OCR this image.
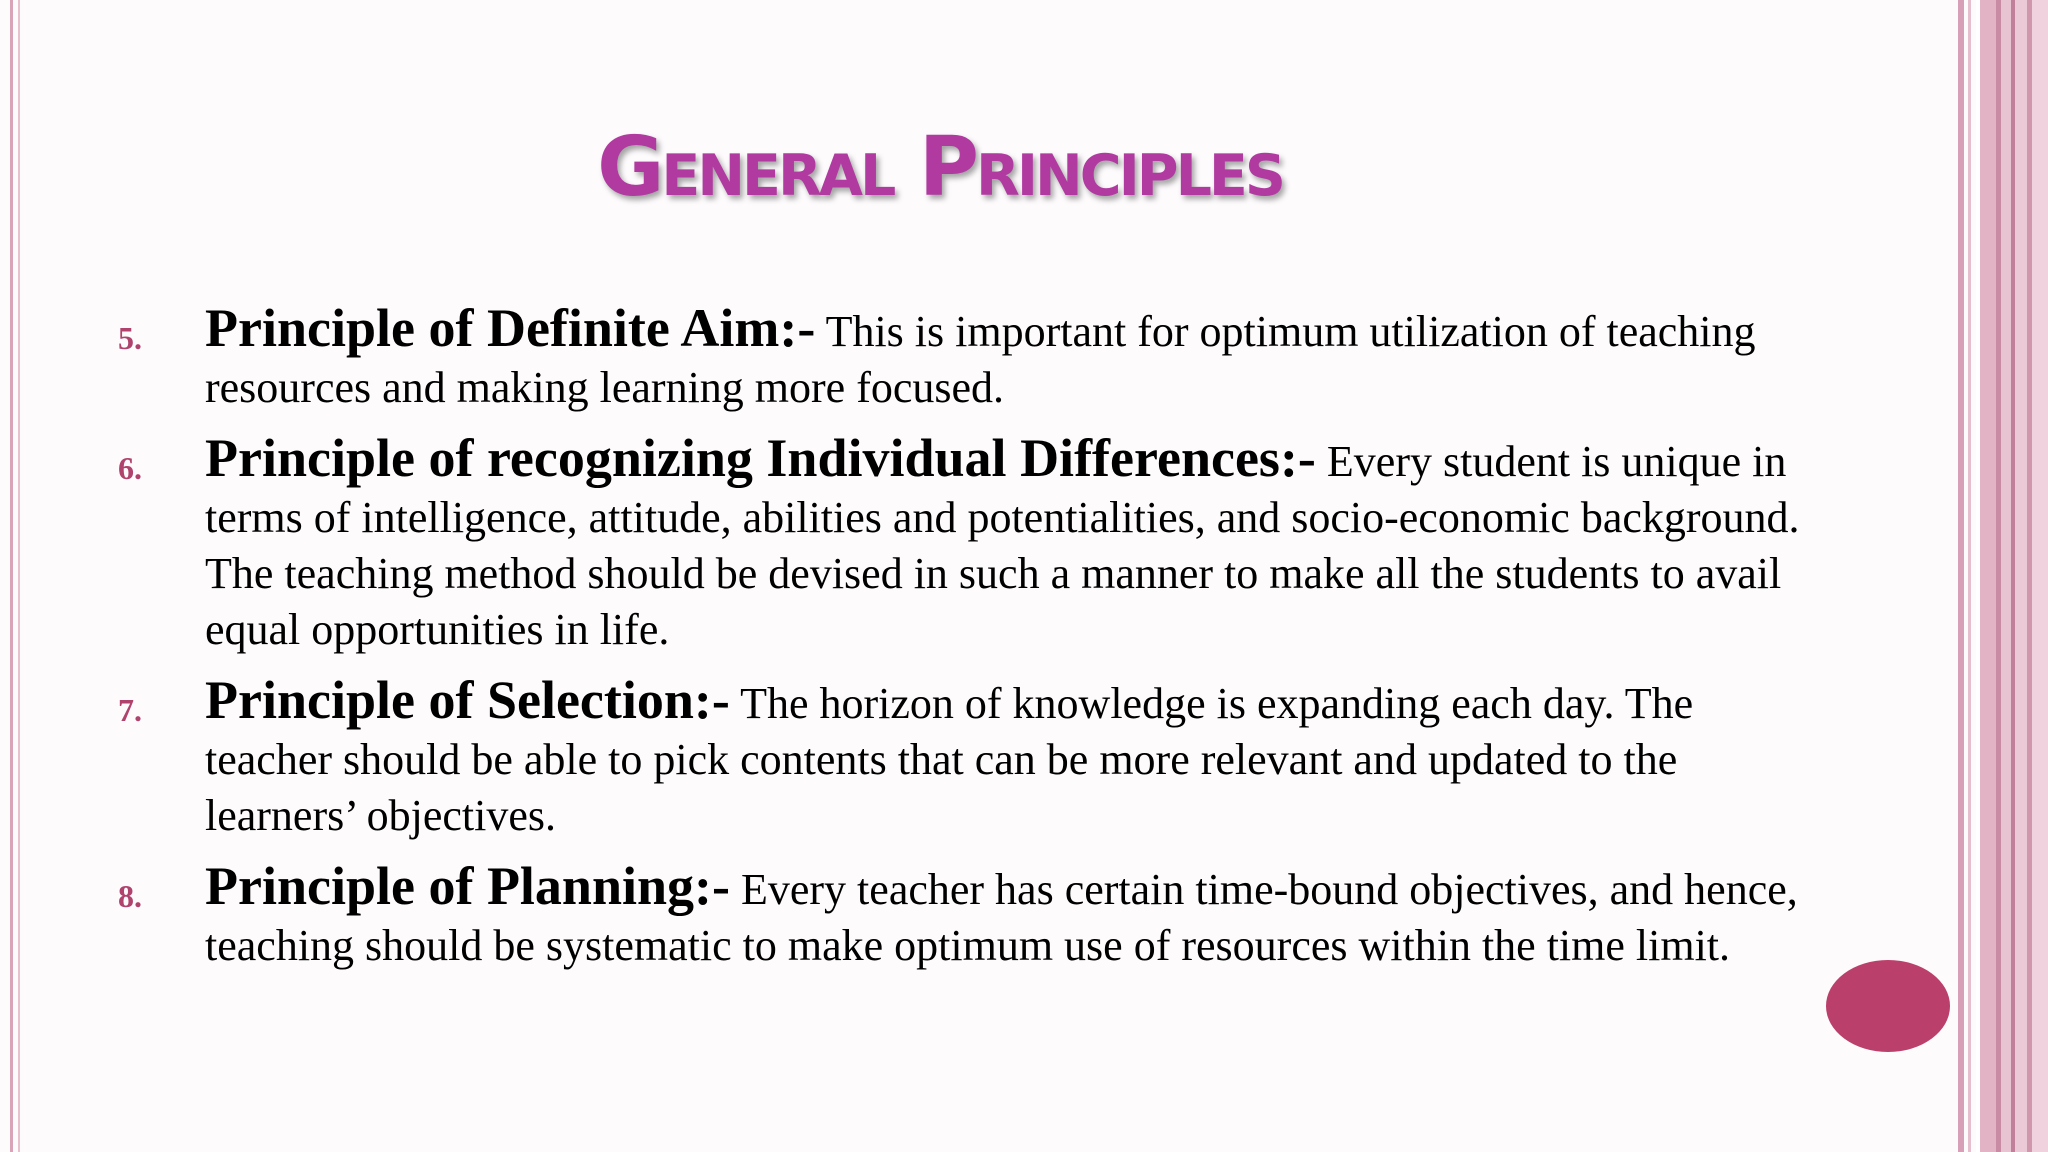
General Principles
5. Principle of Definite Aim:- This is important for optimum utilization of teaching resources and making learning more focused.
6. Principle of recognizing Individual Differences:- Every student is unique in terms of intelligence, attitude, abilities and potentialities, and socio-economic background. The teaching method should be devised in such a manner to make all the students to avail equal opportunities in life.
7. Principle of Selection:- The horizon of knowledge is expanding each day. The teacher should be able to pick contents that can be more relevant and updated to the learners’ objectives.
8. Principle of Planning:- Every teacher has certain time-bound objectives, and hence, teaching should be systematic to make optimum use of resources within the time limit.
